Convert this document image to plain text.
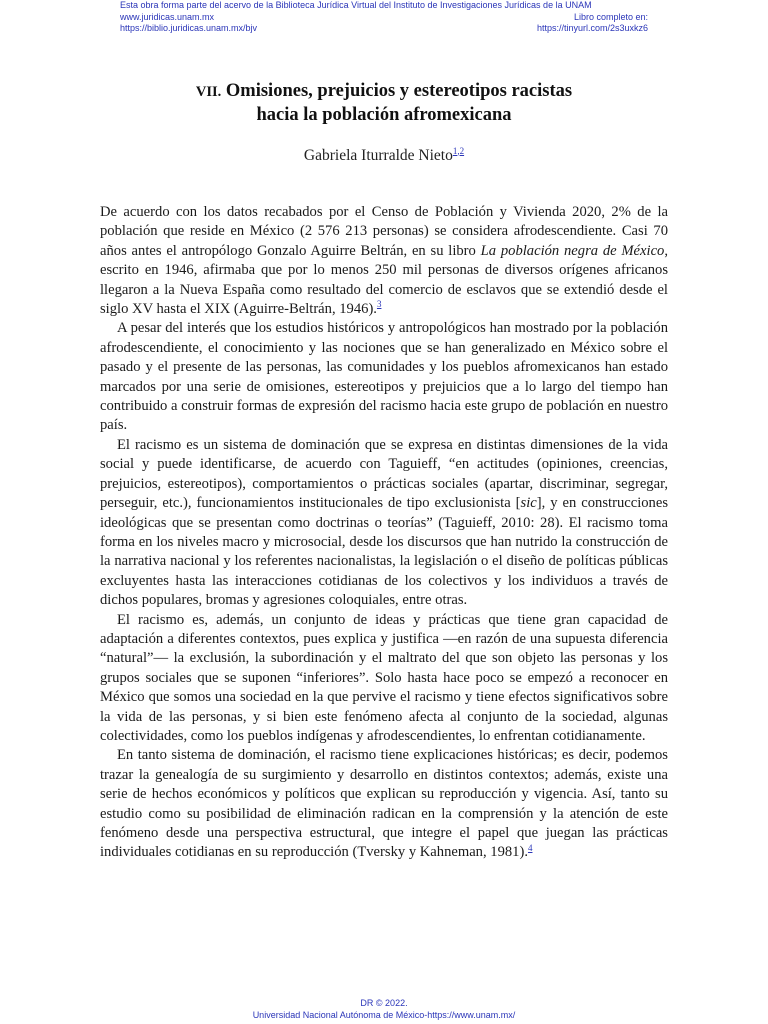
Esta obra forma parte del acervo de la Biblioteca Jurídica Virtual del Instituto de Investigaciones Jurídicas de la UNAM
www.juridicas.unam.mx	Libro completo en:
https://biblio.juridicas.unam.mx/bjv	https://tinyurl.com/2s3uxkz6
VII. Omisiones, prejuicios y estereotipos racistas
hacia la población afromexicana
Gabriela Iturralde Nieto$^{1,2}$

De acuerdo con los datos recabados por el Censo de Población y Vivienda 2020, 2% de la población que reside en México (2 576 213 personas) se considera afrodescendiente. Casi 70 años antes el antropólogo Gonzalo Aguirre Beltrán, en su libro La población negra de México, escrito en 1946, afirmaba que por lo menos 250 mil personas de diversos orígenes africanos llegaron a la Nueva España como resultado del comercio de esclavos que se extendió desde el siglo XV hasta el XIX (Aguirre-Beltrán, 1946).$^3$

A pesar del interés que los estudios históricos y antropológicos han mostrado por la población afrodescendiente, el conocimiento y las nociones que se han generalizado en México sobre el pasado y el presente de las personas, las comunidades y los pueblos afromexicanos han estado marcados por una serie de omisiones, estereotipos y prejuicios que a lo largo del tiempo han contribuido a construir formas de expresión del racismo hacia este grupo de población en nuestro país.

El racismo es un sistema de dominación que se expresa en distintas dimensiones de la vida social y puede identificarse, de acuerdo con Taguieff, “en actitudes (opiniones, creencias, prejuicios, estereotipos), comportamientos o prácticas sociales (apartar, discriminar, segregar, perseguir, etc.), funcionamientos institucionales de tipo exclusionista [sic], y en construcciones ideológicas que se presentan como doctrinas o teorías” (Taguieff, 2010: 28). El racismo toma forma en los niveles macro y microsocial, desde los discursos que han nutrido la construcción de la narrativa nacional y los referentes nacionalistas, la legislación o el diseño de políticas públicas excluyentes hasta las interacciones cotidianas de los colectivos y los individuos a través de dichos populares, bromas y agresiones coloquiales, entre otras.

El racismo es, además, un conjunto de ideas y prácticas que tiene gran capacidad de adaptación a diferentes contextos, pues explica y justifica —en razón de una supuesta diferencia “natural”— la exclusión, la subordinación y el maltrato del que son objeto las personas y los grupos sociales que se suponen “inferiores”. Solo hasta hace poco se empezó a reconocer en México que somos una sociedad en la que pervive el racismo y tiene efectos significativos sobre la vida de las personas, y si bien este fenómeno afecta al conjunto de la sociedad, algunas colectividades, como los pueblos indígenas y afrodescendientes, lo enfrentan cotidianamente.

En tanto sistema de dominación, el racismo tiene explicaciones históricas; es decir, podemos trazar la genealogía de su surgimiento y desarrollo en distintos contextos; además, existe una serie de hechos económicos y políticos que explican su reproducción y vigencia. Así, tanto su estudio como su posibilidad de eliminación radican en la comprensión y la atención de este fenómeno desde una perspectiva estructural, que integre el papel que juegan las prácticas individuales cotidianas en su reproducción (Tversky y Kahneman, 1981).$^4$

DR © 2022.
Universidad Nacional Autónoma de México-https://www.unam.mx/
